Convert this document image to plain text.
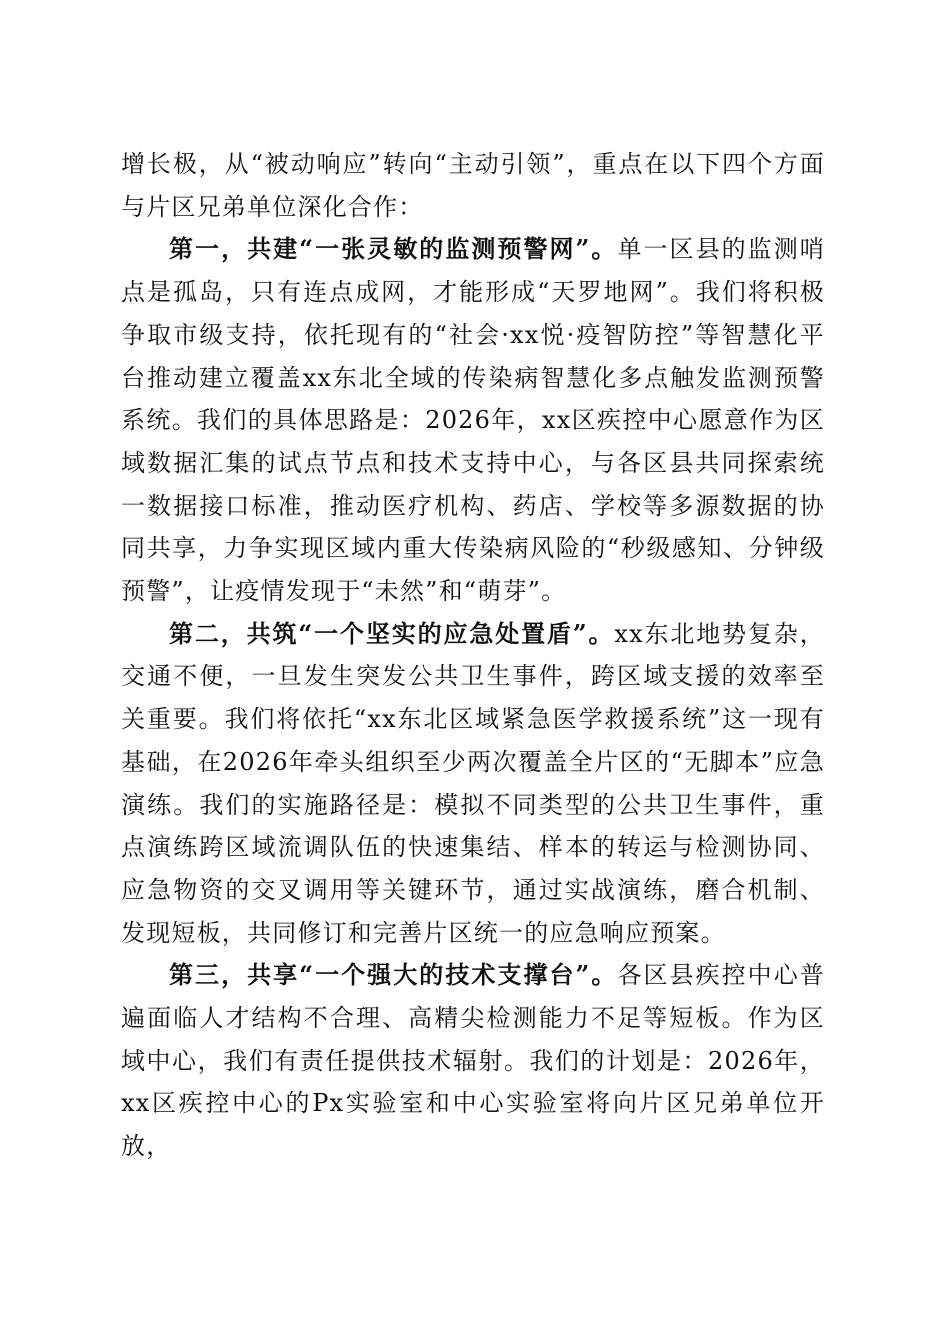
增长极，从“被动响应”转向“主动引领”，重点在以下四个方面与片区兄弟单位深化合作：

第一，共建“一张灵敏的监测预警网”。单一区县的监测哨点是孤岛，只有连点成网，才能形成“天罗地网”。我们将积极争取市级支持，依托现有的“社会·xx悦·疫智防控”等智慧化平台推动建立覆盖xx东北全域的传染病智慧化多点触发监测预警系统。我们的具体思路是：2026年，xx区疾控中心愿意作为区域数据汇集的试点节点和技术支持中心，与各区县共同探索统一数据接口标准，推动医疗机构、药店、学校等多源数据的协同共享，力争实现区域内重大传染病风险的“秒级感知、分钟级预警”，让疫情发现于“未然”和“萌芽”。

第二，共筑“一个坚实的应急处置盾”。xx东北地势复杂，交通不便，一旦发生突发公共卫生事件，跨区域支援的效率至关重要。我们将依托“xx东北区域紧急医学救援系统”这一现有基础，在2026年牵头组织至少两次覆盖全片区的“无脚本”应急演练。我们的实施路径是：模拟不同类型的公共卫生事件，重点演练跨区域流调队伍的快速集结、样本的转运与检测协同、应急物资的交叉调用等关键环节，通过实战演练，磨合机制、发现短板，共同修订和完善片区统一的应急响应预案。

第三，共享“一个强大的技术支撑台”。各区县疾控中心普遍面临人才结构不合理、高精尖检测能力不足等短板。作为区域中心，我们有责任提供技术辐射。我们的计划是：2026年，xx区疾控中心的Px实验室和中心实验室将向片区兄弟单位开放，
